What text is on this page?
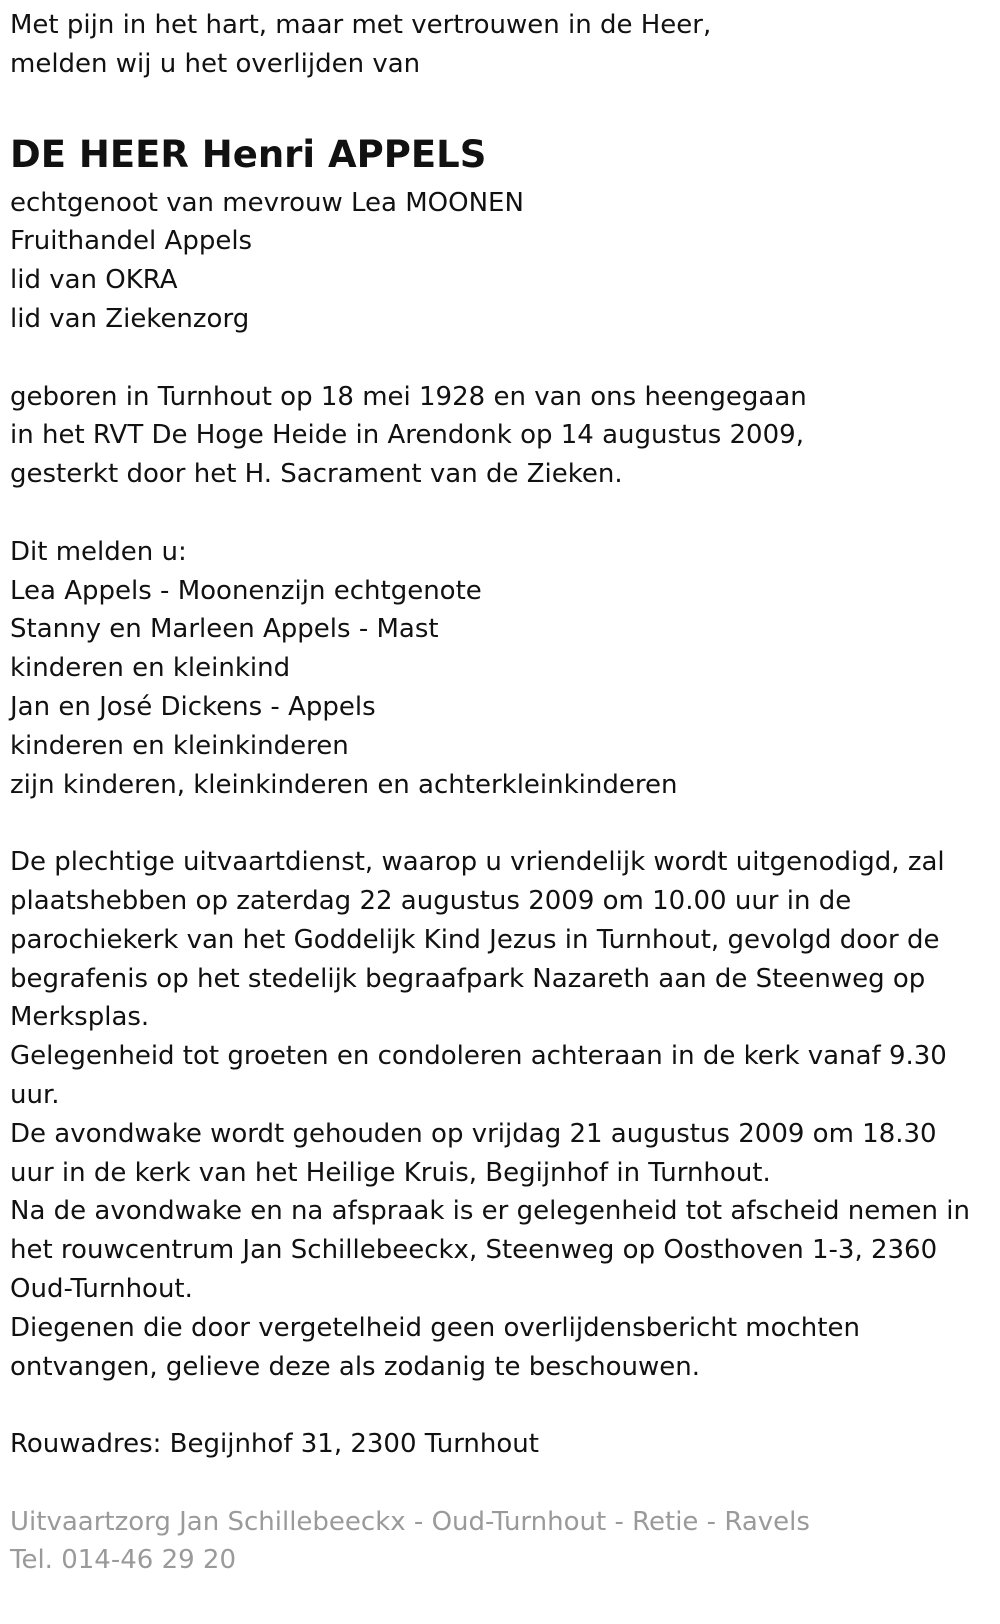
Met pijn in het hart, maar met vertrouwen in de Heer,

melden wij u het overlijden van

DE HEER Henri APPELS

echtgenoot van mevrouw Lea MOONEN

Fruithandel Appels

lid van OKRA

lid van Ziekenzorg

geboren in Turnhout op 18 mei 1928 en van ons heengegaan

in het RVT De Hoge Heide in Arendonk op 14 augustus 2009,

gesterkt door het H. Sacrament van de Zieken.

Dit melden u:

Lea Appels - Moonenzijn echtgenote

Stanny en Marleen Appels - Mast

kinderen en kleinkind

Jan en José Dickens - Appels

kinderen en kleinkinderen

zijn kinderen, kleinkinderen en achterkleinkinderen

De plechtige uitvaartdienst, waarop u vriendelijk wordt uitgenodigd, zal

plaatshebben op zaterdag 22 augustus 2009 om 10.00 uur in de

parochiekerk van het Goddelijk Kind Jezus in Turnhout, gevolgd door de

begrafenis op het stedelijk begraafpark Nazareth aan de Steenweg op

Merksplas.

Gelegenheid tot groeten en condoleren achteraan in de kerk vanaf 9.30

uur.

De avondwake wordt gehouden op vrijdag 21 augustus 2009 om 18.30

uur in de kerk van het Heilige Kruis, Begijnhof in Turnhout.

Na de avondwake en na afspraak is er gelegenheid tot afscheid nemen in

het rouwcentrum Jan Schillebeeckx, Steenweg op Oosthoven 1-3, 2360

Oud-Turnhout.

Diegenen die door vergetelheid geen overlijdensbericht mochten

ontvangen, gelieve deze als zodanig te beschouwen.

Rouwadres: Begijnhof 31, 2300 Turnhout

Uitvaartzorg Jan Schillebeeckx - Oud-Turnhout - Retie - Ravels

Tel. 014-46 29 20
